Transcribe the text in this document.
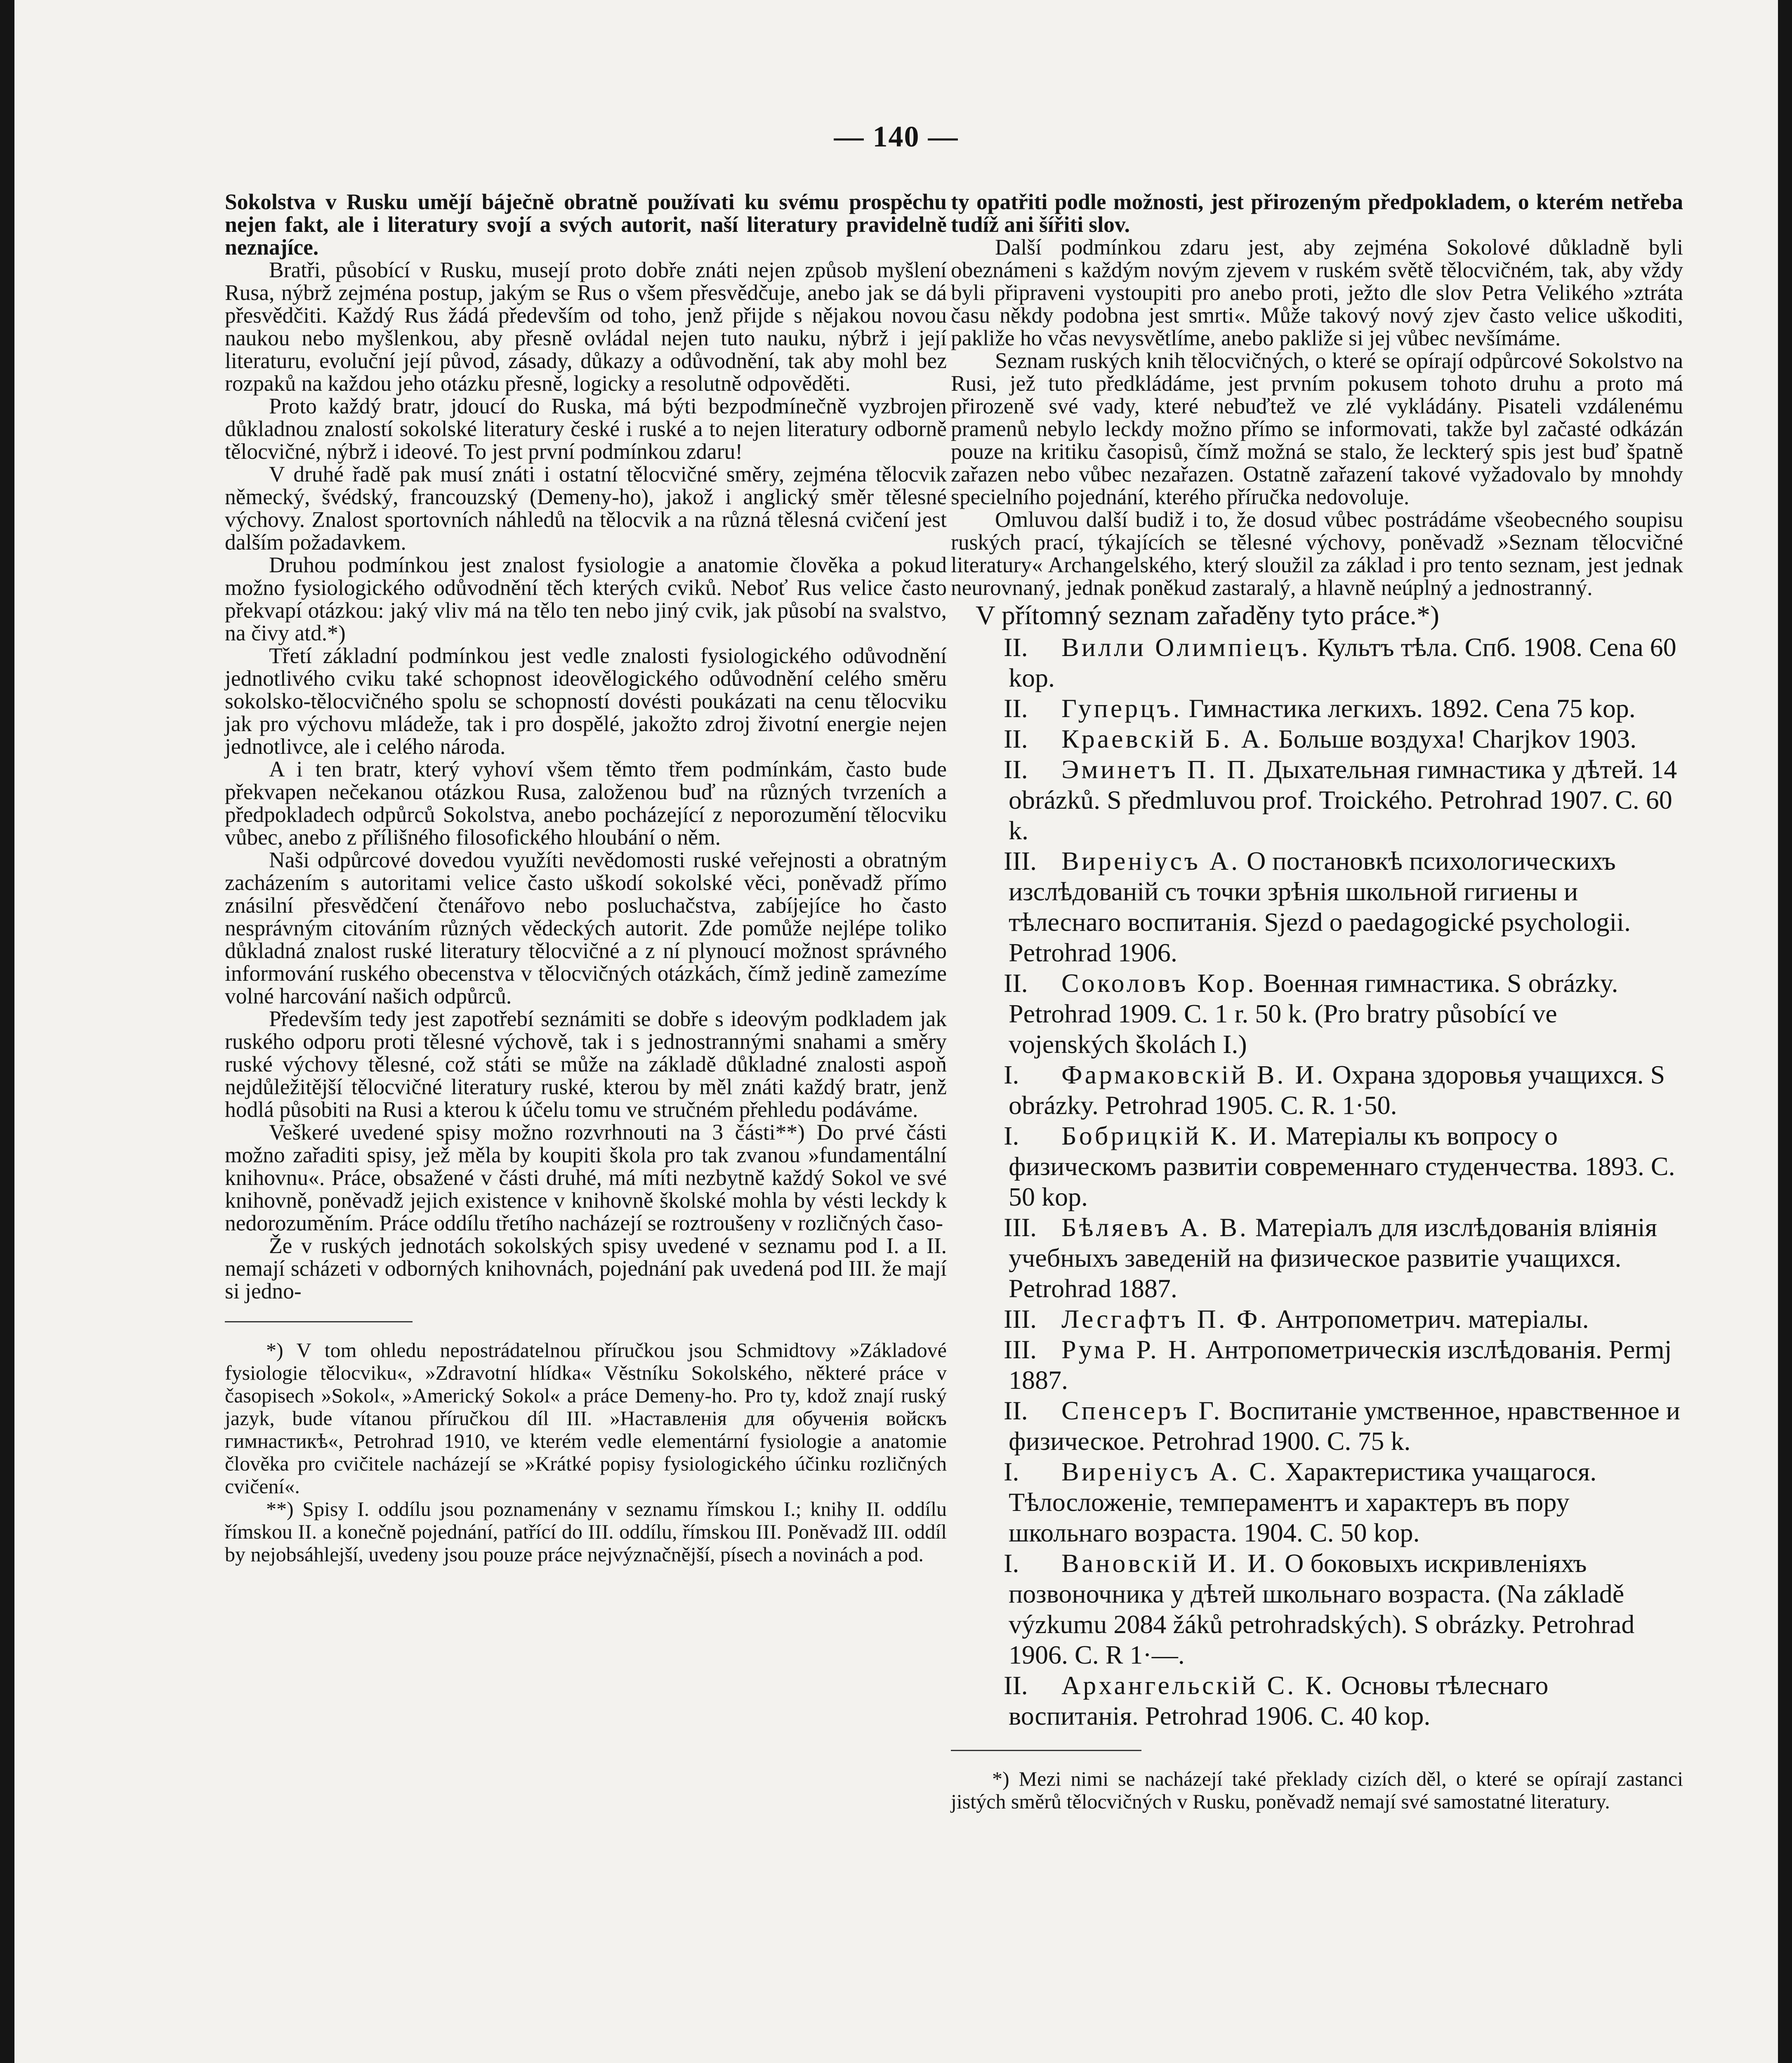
— 140 —

Sokolstva v Rusku umějí báječně obratně používati ku svému prospěchu nejen fakt, ale i literatury svojí a svých autorit, naší literatury pravidelně neznajíce.

Bratři, působící v Rusku, musejí proto dobře znáti nejen způsob myšlení Rusa, nýbrž zejména postup, jakým se Rus o všem přesvědčuje, anebo jak se dá přesvědčiti. Každý Rus žádá především od toho, jenž přijde s nějakou novou naukou nebo myšlenkou, aby přesně ovládal nejen tuto nauku, nýbrž i její literaturu, evoluční její původ, zásady, důkazy a odůvodnění, tak aby mohl bez rozpaků na každou jeho otázku přesně, logicky a resolutně odpověděti.

Proto každý bratr, jdoucí do Ruska, má býti bezpodmínečně vyzbrojen důkladnou znalostí sokolské literatury české i ruské a to nejen literatury odborně tělocvičné, nýbrž i ideové. To jest první podmínkou zdaru!

V druhé řadě pak musí znáti i ostatní tělocvičné směry, zejména tělocvik německý, švédský, francouzský (Demeny-ho), jakož i anglický směr tělesné výchovy. Znalost sportovních náhledů na tělocvik a na různá tělesná cvičení jest dalším požadavkem.

Druhou podmínkou jest znalost fysiologie a anatomie člověka a pokud možno fysiologického odůvodnění těch kterých cviků. Neboť Rus velice často překvapí otázkou: jaký vliv má na tělo ten nebo jiný cvik, jak působí na svalstvo, na čivy atd.*)

Třetí základní podmínkou jest vedle znalosti fysiologického odůvodnění jednotlivého cviku také schopnost ideovělogického odůvodnění celého směru sokolsko-tělocvičného spolu se schopností dovésti poukázati na cenu tělocviku jak pro výchovu mládeže, tak i pro dospělé, jakožto zdroj životní energie nejen jednotlivce, ale i celého národa.

A i ten bratr, který vyhoví všem těmto třem podmínkám, často bude překvapen nečekanou otázkou Rusa, založenou buď na různých tvrzeních a předpokladech odpůrců Sokolstva, anebo pocházející z neporozumění tělocviku vůbec, anebo z přílišného filosofického hloubání o něm.

Naši odpůrcové dovedou využíti nevědomosti ruské veřejnosti a obratným zacházením s autoritami velice často uškodí sokolské věci, poněvadž přímo znásilní přesvědčení čtenářovo nebo posluchačstva, zabíjejíce ho často nesprávným citováním různých vědeckých autorit. Zde pomůže nejlépe toliko důkladná znalost ruské literatury tělocvičné a z ní plynoucí možnost správného informování ruského obecenstva v tělocvičných otázkách, čímž jedině zamezíme volné harcování našich odpůrců.

Především tedy jest zapotřebí seznámiti se dobře s ideovým podkladem jak ruského odporu proti tělesné výchově, tak i s jednostrannými snahami a směry ruské výchovy tělesné, což státi se může na základě důkladné znalosti aspoň nejdůležitější tělocvičné literatury ruské, kterou by měl znáti každý bratr, jenž hodlá působiti na Rusi a kterou k účelu tomu ve stručném přehledu podáváme.

Veškeré uvedené spisy možno rozvrhnouti na 3 části**) Do prvé části možno zařaditi spisy, jež měla by koupiti škola pro tak zvanou »fundamentální knihovnu«. Práce, obsažené v části druhé, má míti nezbytně každý Sokol ve své knihovně, poněvadž jejich existence v knihovně školské mohla by vésti leckdy k nedorozuměním. Práce oddílu třetího nacházejí se roztroušeny v rozličných časo-

Že v ruských jednotách sokolských spisy uvedené v seznamu pod I. a II. nemají scházeti v odborných knihovnách, pojednání pak uvedená pod III. že mají si jedno-

*) V tom ohledu nepostrádatelnou příručkou jsou Schmidtovy »Základové fysiologie tělocviku«, »Zdravotní hlídka« Věstníku Sokolského, některé práce v časopisech »Sokol«, »Americký Sokol« a práce Demeny-ho. Pro ty, kdož znají ruský jazyk, bude vítanou příručkou díl III. »Наставленія для обученія войскъ гимнастикѣ«, Petrohrad 1910, ve kterém vedle elementární fysiologie a anatomie člověka pro cvičitele nacházejí se »Krátké popisy fysiologického účinku rozličných cvičení«.

**) Spisy I. oddílu jsou poznamenány v seznamu římskou I.; knihy II. oddílu římskou II. a konečně pojednání, patřící do III. oddílu, římskou III. Poněvadž III. oddíl by nejobsáhlejší, uvedeny jsou pouze práce nejvýznačnější, písech a novinách a pod.

ty opatřiti podle možnosti, jest přirozeným předpokladem, o kterém netřeba tudíž ani šířiti slov.

Další podmínkou zdaru jest, aby zejména Sokolové důkladně byli obeznámeni s každým novým zjevem v ruském světě tělocvičném, tak, aby vždy byli připraveni vystoupiti pro anebo proti, ježto dle slov Petra Velikého »ztráta času někdy podobna jest smrti«. Může takový nový zjev často velice uškoditi, pakliže ho včas nevysvětlíme, anebo pakliže si jej vůbec nevšímáme.

Seznam ruských knih tělocvičných, o které se opírají odpůrcové Sokolstvo na Rusi, jež tuto předkládáme, jest prvním pokusem tohoto druhu a proto má přirozeně své vady, které nebuďtež ve zlé vykládány. Pisateli vzdálenému pramenů nebylo leckdy možno přímo se informovati, takže byl začasté odkázán pouze na kritiku časopisů, čímž možná se stalo, že leckterý spis jest buď špatně zařazen nebo vůbec nezařazen. Ostatně zařazení takové vyžadovalo by mnohdy specielního pojednání, kterého příručka nedovoluje.

Omluvou další budiž i to, že dosud vůbec postrádáme všeobecného soupisu ruských prací, týkajících se tělesné výchovy, poněvadž »Seznam tělocvičné literatury« Archangelského, který sloužil za základ i pro tento seznam, jest jednak neurovnaný, jednak poněkud zastaralý, a hlavně neúplný a jednostranný.

V přítomný seznam zařaděny tyto práce.*)

II. Вилли Олимпіецъ. Культъ тѣла. Спб. 1908. Cena 60 kop.

II. Гуперцъ. Гимнастика легкихъ. 1892. Cena 75 kop.

II. Краевскій Б. А. Больше воздуха! Charjkov 1903.

II. Эминетъ П. П. Дыхательная гимнастика у дѣтей. 14 obrázků. S předmluvou prof. Troického. Petrohrad 1907. C. 60 k.

III. Виреніусъ А. О постановкѣ психологическихъ изслѣдованій съ точки зрѣнія школьной гигиены и тѣлеснаго воспитанія. Sjezd o paedagogické psychologii. Petrohrad 1906.

II. Соколовъ Кор. Военная гимнастика. S obrázky. Petrohrad 1909. C. 1 r. 50 k. (Pro bratry působící ve vojenských školách I.)

I. Фармаковскій В. И. Охрана здоровья учащихся. S obrázky. Petrohrad 1905. C. R. 1·50.

I. Бобрицкій К. И. Матеріалы къ вопросу о физическомъ развитіи современнаго студенчества. 1893. C. 50 kop.

III. Бѣляевъ А. В. Матеріалъ для изслѣдованія вліянія учебныхъ заведеній на физическое развитіе учащихся. Petrohrad 1887.

III. Лесгафтъ П. Ф. Антропометрич. матеріалы.

III. Рума Р. Н. Антропометрическія изслѣдованія. Permj 1887.

II. Спенсеръ Г. Воспитаніе умственное, нравственное и физическое. Petrohrad 1900. C. 75 k.

I. Виреніусъ А. С. Характеристика учащагося. Тѣлосложеніе, темпераментъ и характеръ въ пору школьнаго возраста. 1904. C. 50 kop.

I. Вановскій И. И. О боковыхъ искривленіяхъ позвоночника у дѣтей школьнаго возраста. (Na základě výzkumu 2084 žáků petrohradských). S obrázky. Petrohrad 1906. C. R 1·—.

II. Архангельскій С. К. Основы тѣлеснаго воспитанія. Petrohrad 1906. C. 40 kop.

*) Mezi nimi se nacházejí také překlady cizích děl, o které se opírají zastanci jistých směrů tělocvičných v Rusku, poněvadž nemají své samostatné literatury.
